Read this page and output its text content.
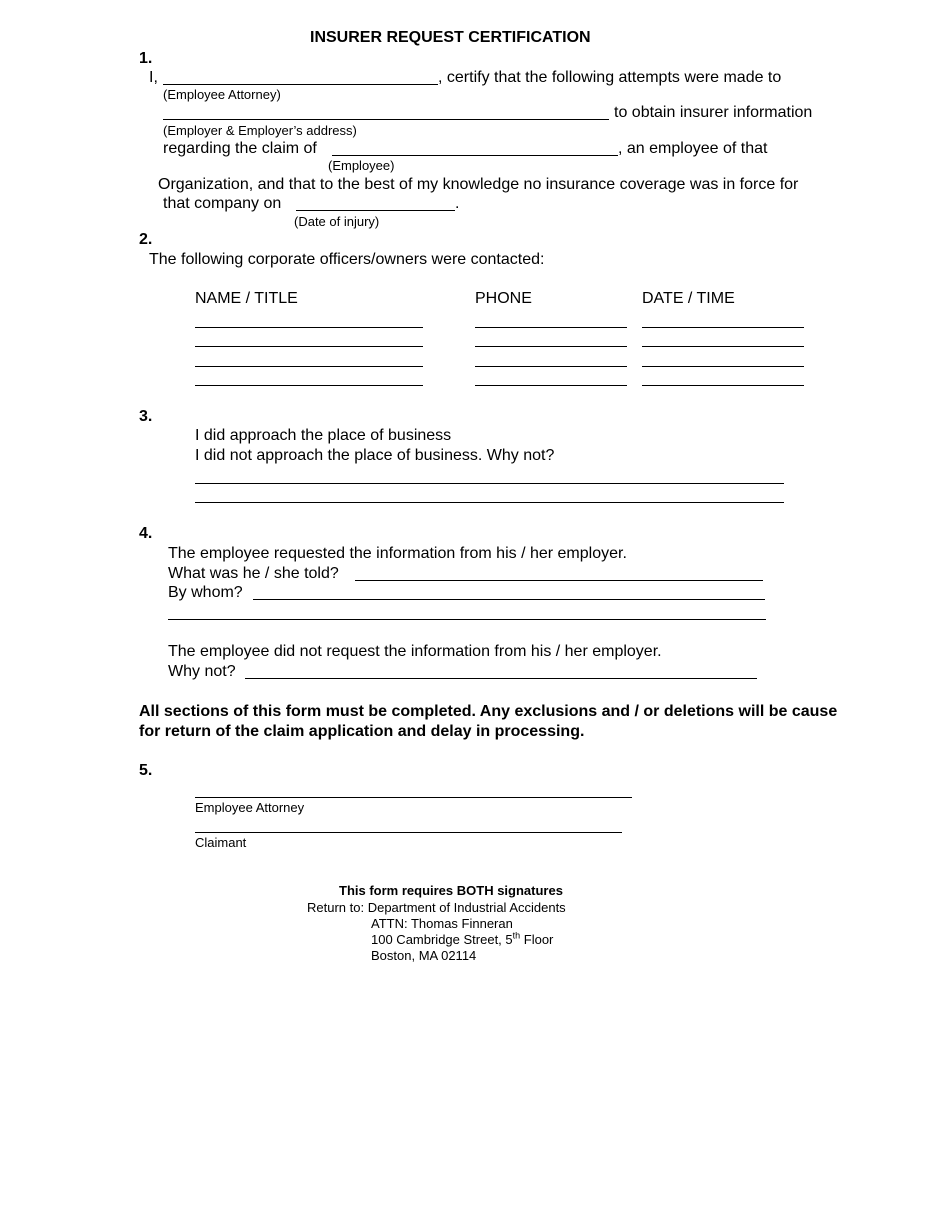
INSURER REQUEST CERTIFICATION
1.
I,	, certify that the following attempts were made to
(Employee Attorney)
to obtain insurer information
(Employer & Employer’s address)
regarding the claim of	, an employee of that
(Employee)
Organization, and that to the best of my knowledge no insurance coverage was in force for
that company on	.
(Date of injury)
2.
The following corporate officers/owners were contacted:
NAME / TITLE	PHONE	DATE / TIME
3.
I did approach the place of business
I did not approach the place of business. Why not?
4.
The employee requested the information from his / her employer.
What was he / she told?
By whom?
The employee did not request the information from his / her employer.
Why not?
All sections of this form must be completed. Any exclusions and / or deletions will be cause for return of the claim application and delay in processing.
5.
Employee Attorney
Claimant
This form requires BOTH signatures
Return to: Department of Industrial Accidents
ATTN: Thomas Finneran
100 Cambridge Street, 5th Floor
Boston, MA 02114
